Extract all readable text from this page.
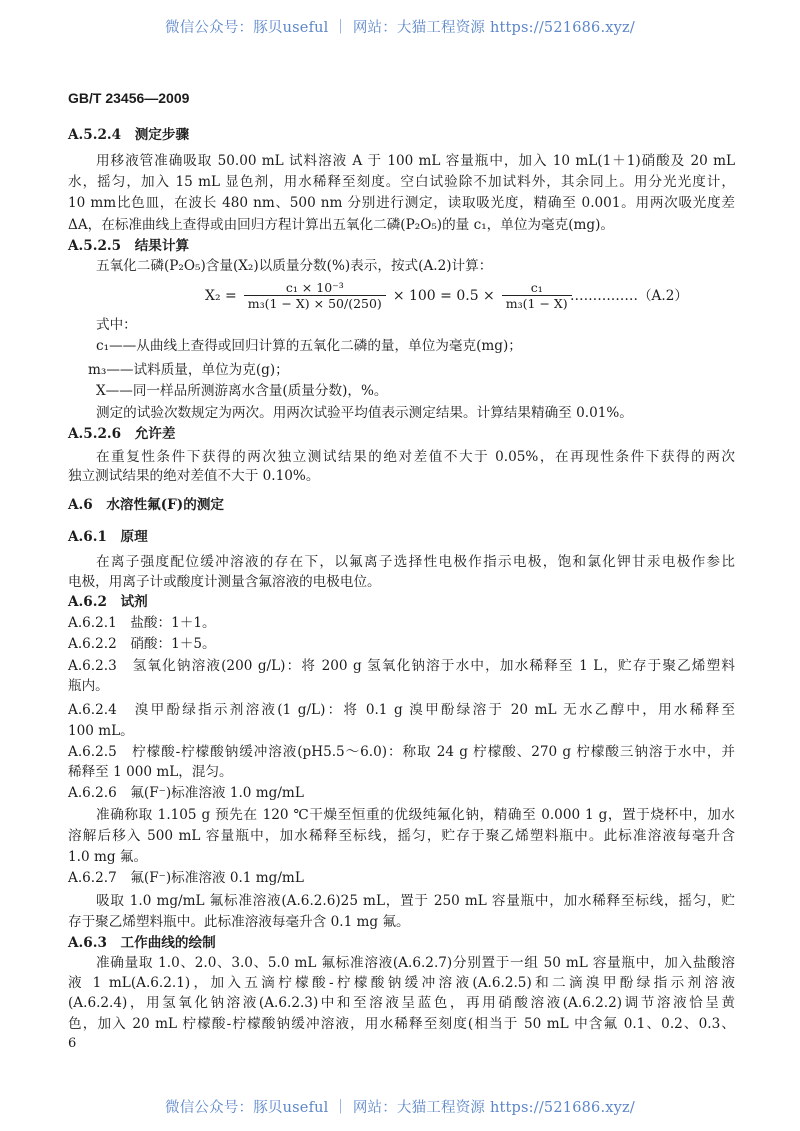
微信公众号：豚贝useful ｜ 网站：大猫工程资源 https://521686.xyz/
GB/T 23456—2009
A.5.2.4　测定步骤
用移液管准确吸取 50.00 mL 试料溶液 A 于 100 mL 容量瓶中，加入 10 mL(1＋1)硝酸及 20 mL
水，摇匀，加入 15 mL 显色剂，用水稀释至刻度。空白试验除不加试料外，其余同上。用分光光度计，
10 mm比色皿，在波长 480 nm、500 nm 分别进行测定，读取吸光度，精确至 0.001。用两次吸光度差
ΔA，在标准曲线上查得或由回归方程计算出五氧化二磷(P₂O₅)的量 c₁，单位为毫克(mg)。
A.5.2.5　结果计算
五氧化二磷(P₂O₅)含量(X₂)以质量分数(%)表示，按式(A.2)计算：
式中：
c₁——从曲线上查得或回归计算的五氧化二磷的量，单位为毫克(mg)；
m₃——试料质量，单位为克(g)；
X——同一样品所测游离水含量(质量分数)，%。
测定的试验次数规定为两次。用两次试验平均值表示测定结果。计算结果精确至 0.01%。
A.5.2.6　允许差
在重复性条件下获得的两次独立测试结果的绝对差值不大于 0.05%，在再现性条件下获得的两次
独立测试结果的绝对差值不大于 0.10%。
A.6　水溶性氟(F)的测定
A.6.1　原理
在离子强度配位缓冲溶液的存在下，以氟离子选择性电极作指示电极，饱和氯化钾甘汞电极作参比
电极，用离子计或酸度计测量含氟溶液的电极电位。
A.6.2　试剂
A.6.2.1　盐酸：1＋1。
A.6.2.2　硝酸：1＋5。
A.6.2.3　氢氧化钠溶液(200 g/L)：将 200 g 氢氧化钠溶于水中，加水稀释至 1 L，贮存于聚乙烯塑料
瓶内。
A.6.2.4　溴甲酚绿指示剂溶液(1 g/L)：将 0.1 g 溴甲酚绿溶于 20 mL 无水乙醇中，用水稀释至
100 mL。
A.6.2.5　柠檬酸-柠檬酸钠缓冲溶液(pH5.5～6.0)：称取 24 g 柠檬酸、270 g 柠檬酸三钠溶于水中，并
稀释至 1 000 mL，混匀。
A.6.2.6　氟(F⁻)标准溶液 1.0 mg/mL
准确称取 1.105 g 预先在 120 ℃干燥至恒重的优级纯氟化钠，精确至 0.000 1 g，置于烧杯中，加水
溶解后移入 500 mL 容量瓶中，加水稀释至标线，摇匀，贮存于聚乙烯塑料瓶中。此标准溶液每毫升含
1.0 mg 氟。
A.6.2.7　氟(F⁻)标准溶液 0.1 mg/mL
吸取 1.0 mg/mL 氟标准溶液(A.6.2.6)25 mL，置于 250 mL 容量瓶中，加水稀释至标线，摇匀，贮
存于聚乙烯塑料瓶中。此标准溶液每毫升含 0.1 mg 氟。
A.6.3　工作曲线的绘制
准确量取 1.0、2.0、3.0、5.0 mL 氟标准溶液(A.6.2.7)分别置于一组 50 mL 容量瓶中，加入盐酸溶
液 1 mL(A.6.2.1)，加入五滴柠檬酸-柠檬酸钠缓冲溶液(A.6.2.5)和二滴溴甲酚绿指示剂溶液
(A.6.2.4)，用氢氧化钠溶液(A.6.2.3)中和至溶液呈蓝色，再用硝酸溶液(A.6.2.2)调节溶液恰呈黄
色，加入 20 mL 柠檬酸-柠檬酸钠缓冲溶液，用水稀释至刻度(相当于 50 mL 中含氟 0.1、0.2、0.3、
$X_2 = \frac{\text{c₁ × 10⁻³}}{\text{m₃(1 − X) × 50/(250)}} \times 100 = 0.5 \times \frac{\text{c₁}}{\text{m₃(1 − X)}}$
……………（A.2）
6
微信公众号：豚贝useful ｜ 网站：大猫工程资源 https://521686.xyz/
